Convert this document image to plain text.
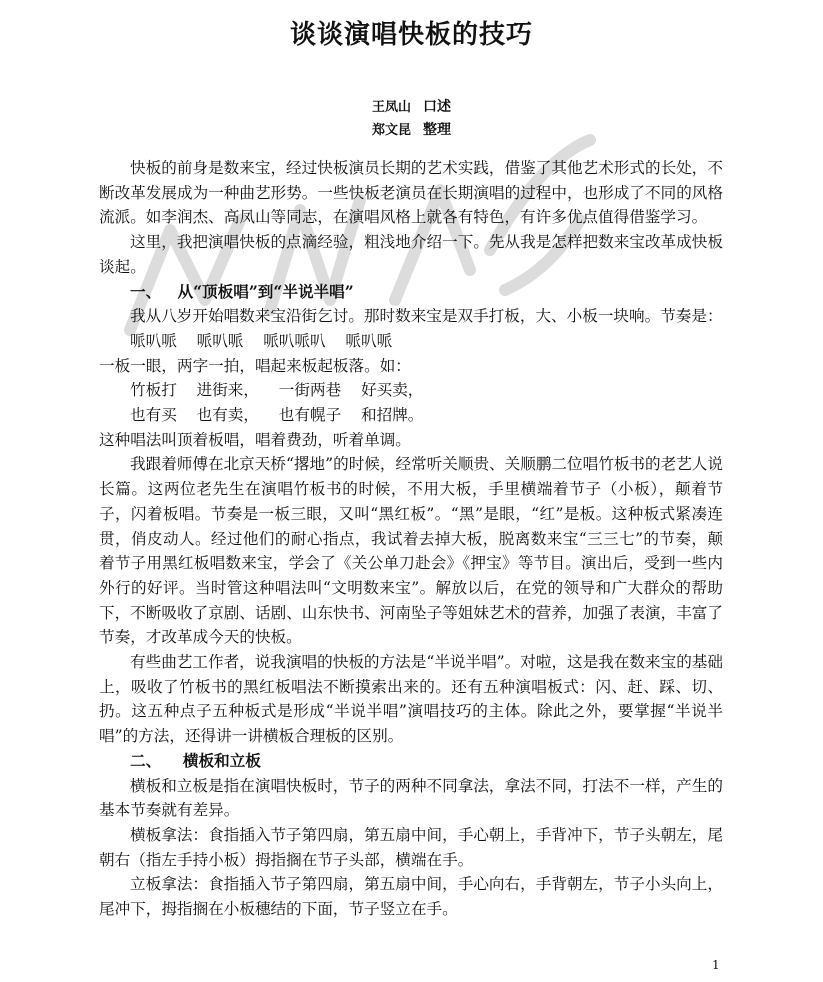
谈谈演唱快板的技巧
王凤山 口述
郑文昆 整理

快板的前身是数来宝，经过快板演员长期的艺术实践，借鉴了其他艺术形式的长处，不断改革发展成为一种曲艺形势。一些快板老演员在长期演唱的过程中，也形成了不同的风格流派。如李润杰、高凤山等同志，在演唱风格上就各有特色，有许多优点值得借鉴学习。

这里，我把演唱快板的点滴经验，粗浅地介绍一下。先从我是怎样把数来宝改革成快板谈起。

一、   从“顶板唱”到“半说半唱”

我从八岁开始唱数来宝沿街乞讨。那时数来宝是双手打板，大、小板一块响。节奏是：

哌叭哌    哌叭哌    哌叭哌叭    哌叭哌

一板一眼，两字一拍，唱起来板起板落。如：

竹板打    进街来，    一街两巷    好买卖，

也有买    也有卖，    也有幌子    和招牌。

这种唱法叫顶着板唱，唱着费劲，听着单调。

我跟着师傅在北京天桥“撂地”的时候，经常听关顺贵、关顺鹏二位唱竹板书的老艺人说长篇。这两位老先生在演唱竹板书的时候，不用大板，手里横端着节子（小板），颠着节子，闪着板唱。节奏是一板三眼，又叫“黑红板”。“黑”是眼，“红”是板。这种板式紧凑连贯，俏皮动人。经过他们的耐心指点，我试着去掉大板，脱离数来宝“三三七”的节奏，颠着节子用黑红板唱数来宝，学会了《关公单刀赴会》《押宝》等节目。演出后，受到一些内外行的好评。当时管这种唱法叫“文明数来宝”。解放以后，在党的领导和广大群众的帮助下，不断吸收了京剧、话剧、山东快书、河南坠子等姐妹艺术的营养，加强了表演，丰富了节奏，才改革成今天的快板。

有些曲艺工作者，说我演唱的快板的方法是“半说半唱”。对啦，这是我在数来宝的基础上，吸收了竹板书的黑红板唱法不断摸索出来的。还有五种演唱板式：闪、赶、踩、切、扔。这五种点子五种板式是形成“半说半唱”演唱技巧的主体。除此之外，要掌握“半说半唱”的方法，还得讲一讲横板合理板的区别。

二、    横板和立板

横板和立板是指在演唱快板时，节子的两种不同拿法，拿法不同，打法不一样，产生的基本节奏就有差异。

横板拿法：食指插入节子第四扇，第五扇中间，手心朝上，手背冲下，节子头朝左，尾朝右（指左手持小板）拇指搁在节子头部，横端在手。

立板拿法：食指插入节子第四扇，第五扇中间，手心向右，手背朝左，节子小头向上，尾冲下，拇指搁在小板穗结的下面，节子竖立在手。

1
